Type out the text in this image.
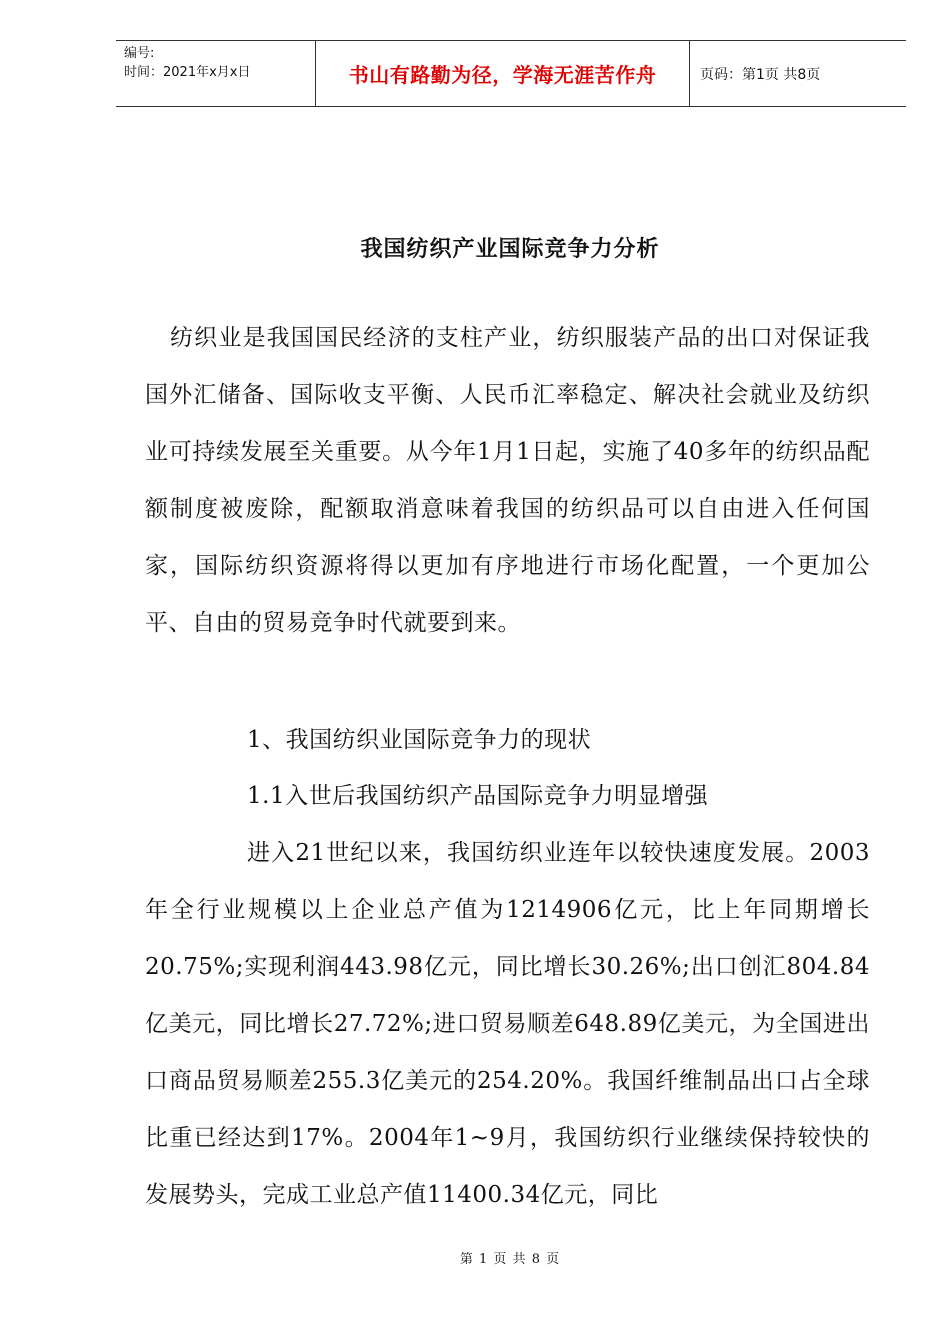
编号:
时间：2021年x月x日	书山有路勤为径，学海无涯苦作舟	页码：第1页 共8页
我国纺织产业国际竞争力分析
纺织业是我国国民经济的支柱产业，纺织服装产品的出口对保证我国外汇储备、国际收支平衡、人民币汇率稳定、解决社会就业及纺织业可持续发展至关重要。从今年1月1日起，实施了40多年的纺织品配额制度被废除，配额取消意味着我国的纺织品可以自由进入任何国家，国际纺织资源将得以更加有序地进行市场化配置，一个更加公平、自由的贸易竞争时代就要到来。
1、我国纺织业国际竞争力的现状
1.1入世后我国纺织产品国际竞争力明显增强
进入21世纪以来，我国纺织业连年以较快速度发展。2003年全行业规模以上企业总产值为1214906亿元，比上年同期增长20.75%;实现利润443.98亿元，同比增长30.26%;出口创汇804.84亿美元，同比增长27.72%;进口贸易顺差648.89亿美元，为全国进出口商品贸易顺差255.3亿美元的254.20%。我国纤维制品出口占全球比重已经达到17%。2004年1~9月，我国纺织行业继续保持较快的发展势头，完成工业总产值11400.34亿元，同比
第 1 页 共 8 页
